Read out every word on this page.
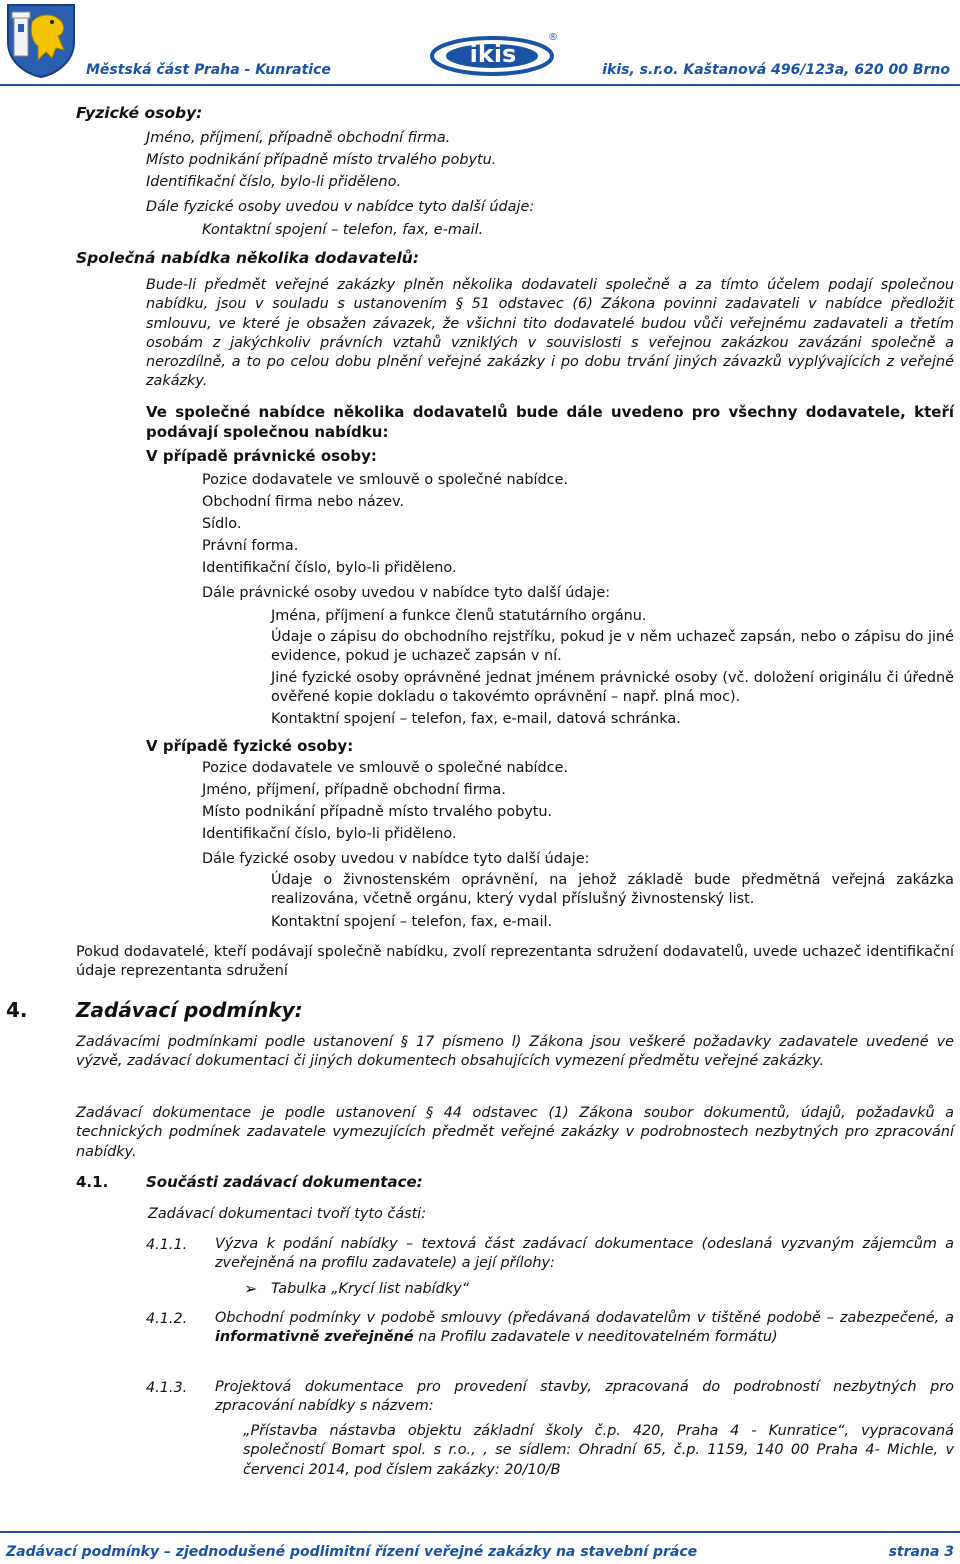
Městská část Praha - Kunratice
ikis
®
ikis, s.r.o. Kaštanová 496/123a, 620 00 Brno
Fyzické osoby:
Jméno, příjmení, případně obchodní firma.
Místo podnikání případně místo trvalého pobytu.
Identifikační číslo, bylo-li přiděleno.
Dále fyzické osoby uvedou v nabídce tyto další údaje:
Kontaktní spojení – telefon, fax, e-mail.
Společná nabídka několika dodavatelů:
Bude-li předmět veřejné zakázky plněn několika dodavateli společně a za tímto účelem podají společnou nabídku, jsou v souladu s ustanovením § 51 odstavec (6) Zákona povinni zadavateli v nabídce předložit smlouvu, ve které je obsažen závazek, že všichni tito dodavatelé budou vůči veřejnému zadavateli a třetím osobám z jakýchkoliv právních vztahů vzniklých v souvislosti s veřejnou zakázkou zavázáni společně a nerozdílně, a to po celou dobu plnění veřejné zakázky i po dobu trvání jiných závazků vyplývajících z veřejné zakázky.
Ve společné nabídce několika dodavatelů bude dále uvedeno pro všechny dodavatele, kteří podávají společnou nabídku:
V případě právnické osoby:
Pozice dodavatele ve smlouvě o společné nabídce.
Obchodní firma nebo název.
Sídlo.
Právní forma.
Identifikační číslo, bylo-li přiděleno.
Dále právnické osoby uvedou v nabídce tyto další údaje:
Jména, příjmení a funkce členů statutárního orgánu.
Údaje o zápisu do obchodního rejstříku, pokud je v něm uchazeč zapsán, nebo o zápisu do jiné evidence, pokud je uchazeč zapsán v ní.
Jiné fyzické osoby oprávněné jednat jménem právnické osoby (vč. doložení originálu či úředně ověřené kopie dokladu o takovémto oprávnění – např. plná moc).
Kontaktní spojení – telefon, fax, e-mail, datová schránka.
V případě fyzické osoby:
Pozice dodavatele ve smlouvě o společné nabídce.
Jméno, příjmení, případně obchodní firma.
Místo podnikání případně místo trvalého pobytu.
Identifikační číslo, bylo-li přiděleno.
Dále fyzické osoby uvedou v nabídce tyto další údaje:
Údaje o živnostenském oprávnění, na jehož základě bude předmětná veřejná zakázka realizována, včetně orgánu, který vydal příslušný živnostenský list.
Kontaktní spojení – telefon, fax, e-mail.
Pokud dodavatelé, kteří podávají společně nabídku, zvolí reprezentanta sdružení dodavatelů, uvede uchazeč identifikační údaje reprezentanta sdružení
4. Zadávací podmínky:
Zadávacími podmínkami podle ustanovení § 17 písmeno l) Zákona jsou veškeré požadavky zadavatele uvedené ve výzvě, zadávací dokumentaci či jiných dokumentech obsahujících vymezení předmětu veřejné zakázky.
Zadávací dokumentace je podle ustanovení § 44 odstavec (1) Zákona soubor dokumentů, údajů, požadavků a technických podmínek zadavatele vymezujících předmět veřejné zakázky v podrobnostech nezbytných pro zpracování nabídky.
4.1.	Součásti zadávací dokumentace:
Zadávací dokumentaci tvoří tyto části:
4.1.1. Výzva k podání nabídky – textová část zadávací dokumentace (odeslaná vyzvaným zájemcům a zveřejněná na profilu zadavatele) a její přílohy:
➢ Tabulka „Krycí list nabídky“
4.1.2. Obchodní podmínky v podobě smlouvy (předávaná dodavatelům v tištěné podobě – zabezpečené, a informativně zveřejněné na Profilu zadavatele v needitovatelném formátu)
4.1.3. Projektová dokumentace pro provedení stavby, zpracovaná do podrobností nezbytných pro zpracování nabídky s názvem:
„Přístavba nástavba objektu základní školy č.p. 420, Praha 4 - Kunratice“, vypracovaná společností Bomart spol. s r.o., , se sídlem: Ohradní 65, č.p. 1159, 140 00 Praha 4- Michle, v červenci 2014, pod číslem zakázky: 20/10/B
Zadávací podmínky – zjednodušené podlimitní řízení veřejné zakázky na stavební práce	strana 3
